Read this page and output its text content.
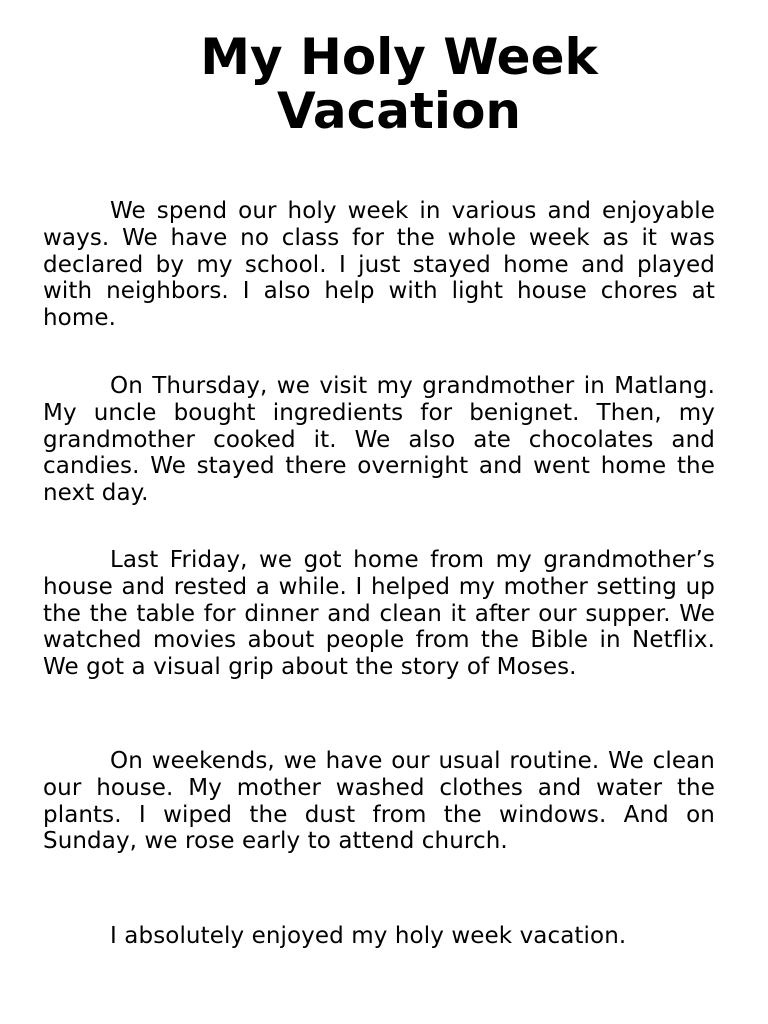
My Holy Week
Vacation

We spend our holy week in various and enjoyable ways. We have no class for the whole week as it was declared by my school. I just stayed home and played with neighbors. I also help with light house chores at home.

On Thursday, we visit my grandmother in Matlang. My uncle bought ingredients for benignet. Then, my grandmother cooked it. We also ate chocolates and candies. We stayed there overnight and went home the next day.

Last Friday, we got home from my grandmother’s house and rested a while. I helped my mother setting up the the table for dinner and clean it after our supper. We watched movies about people from the Bible in Netflix. We got a visual grip about the story of Moses.

On weekends, we have our usual routine. We clean our house. My mother washed clothes and water the plants. I wiped the dust from the windows. And on Sunday, we rose early to attend church.

I absolutely enjoyed my holy week vacation.
